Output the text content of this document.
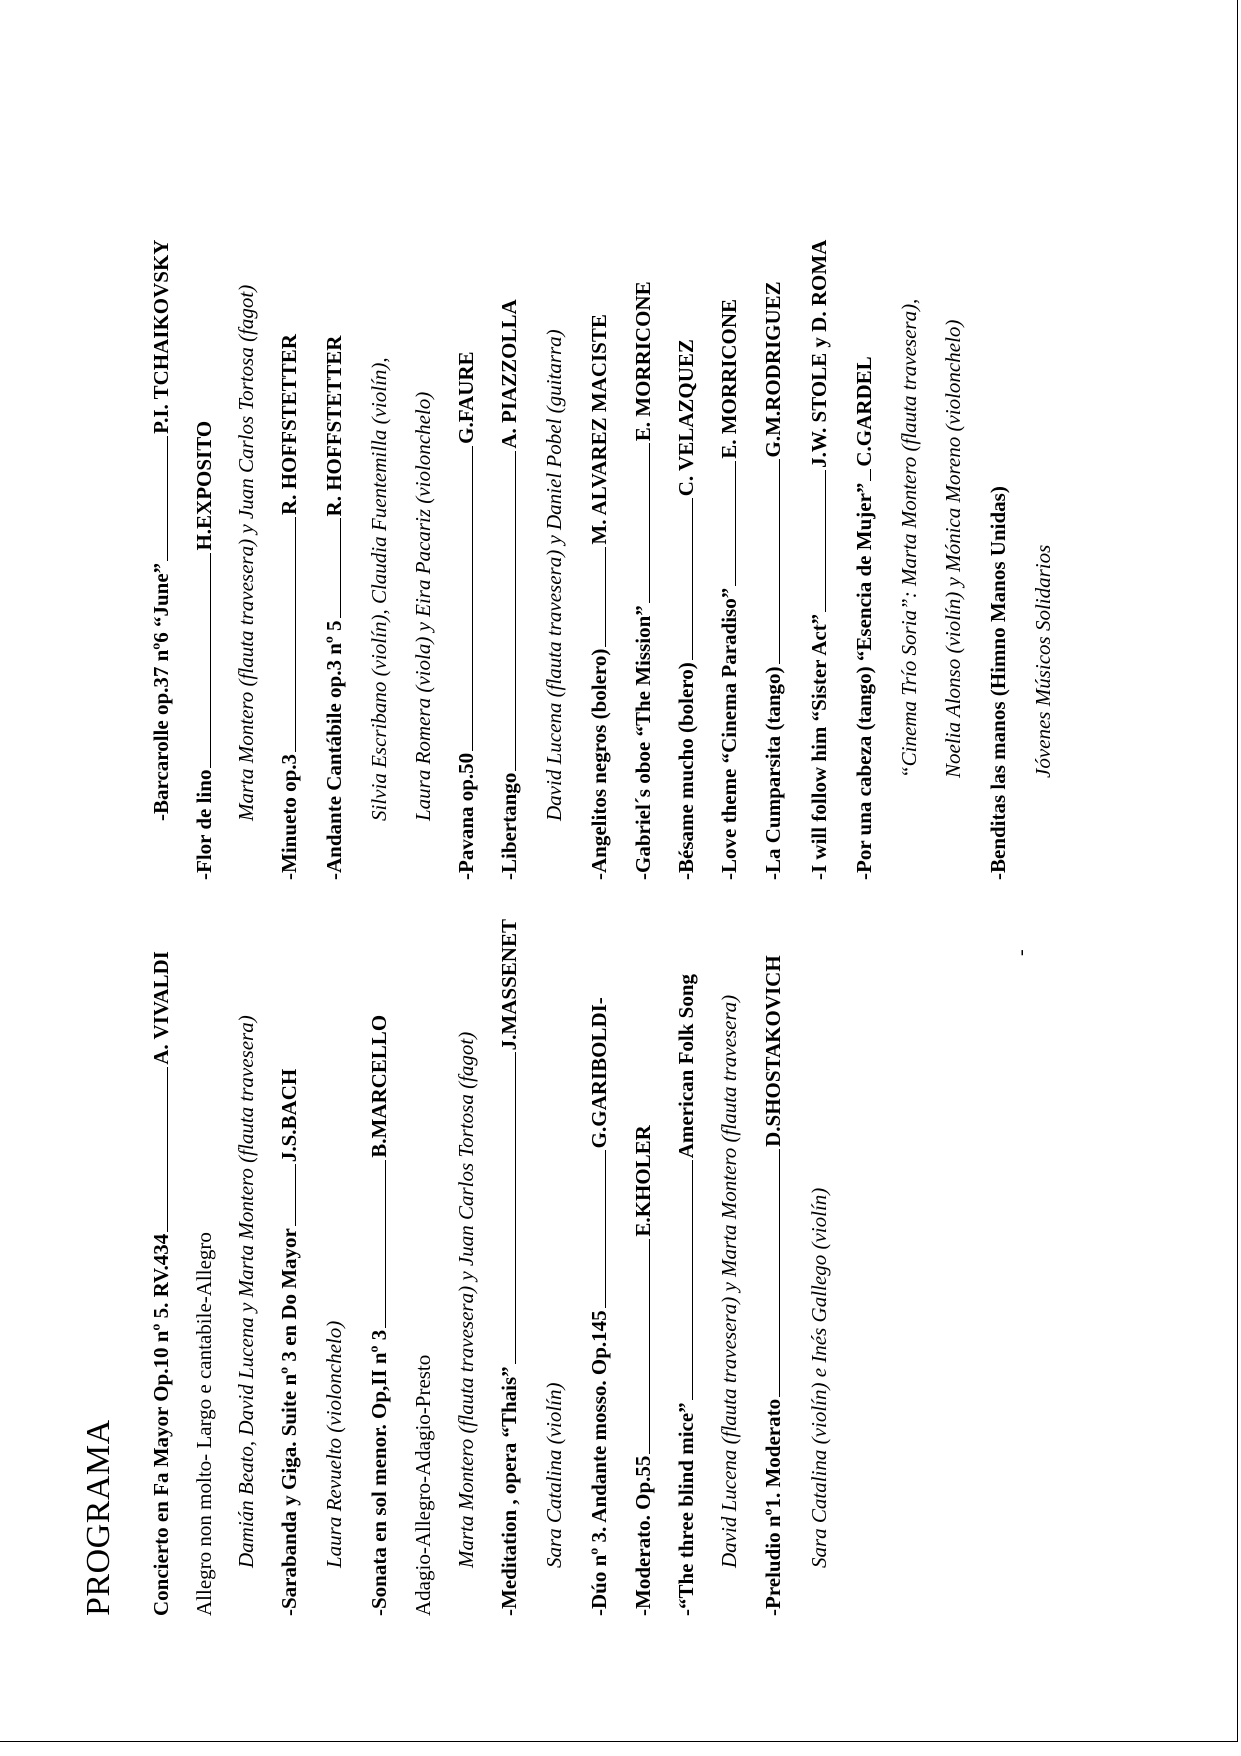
PROGRAMA Concierto en Fa Mayor Op.10 nº 5. RV.434A. VIVALDI
Allegro non molto- Largo e cantabile-Allegro Damián Beato, David Lucena y Marta Montero (flauta travesera) -Sarabanda y Giga. Suite nº 3 en Do MayorJ.S.BACH
Laura Revuelto (violonchelo) -Sonata en sol menor. Op,II nº 3B.MARCELLO
Adagio-Allegro-Adagio-Presto Marta Montero (flauta travesera) y Juan Carlos Tortosa (fagot) -Meditation , opera “Thais”J.MASSENET
Sara Catalina (violín) -Dúo nº 3. Andante mosso. Op.145G.GARIBOLDI-
-Moderato. Op.55E.KHOLER
-“The three blind mice”American Folk Song David Lucena (flauta travesera) y Marta Montero (flauta travesera) -Preludio nº1. ModeratoD.SHOSTAKOVICH
Sara Catalina (violín) e Inés Gallego (violín)
-
-Barcarolle op.37 nº6 “June”P.I. TCHAIKOVSKY
-Flor de linoH.EXPOSITO Marta Montero (flauta travesera) y Juan Carlos Tortosa (fagot) -Minueto op.3R. HOFFSTETTER
-Andante Cantábile op.3 nº 5R. HOFFSTETTER Silvia Escribano (violín), Claudia Fuentemilla (violín), Laura Romera (viola) y Eira Pacariz (violonchelo) -Pavana op.50G.FAURE
-LibertangoA. PIAZZOLLA David Lucena (flauta travesera) y Daniel Pobel (guitarra) -Angelitos negros (bolero)M. ALVAREZ MACISTE
-Gabriel´s oboe “The Mission”E. MORRICONE
-Bésame mucho (bolero)C. VELAZQUEZ
-Love theme “Cinema Paradiso”E. MORRICONE
-La Cumparsita (tango)G.M.RODRIGUEZ
-I will follow him “Sister Act”J.W. STOLE y D. ROMA
-Por una cabeza (tango) “Esencia de Mujer”C.GARDEL “Cinema Trío Soria”: Marta Montero (flauta travesera), Noelia Alonso (violín) y Mónica Moreno (violonchelo) -Benditas las manos (Himno Manos Unidas) Jóvenes Músicos Solidarios
